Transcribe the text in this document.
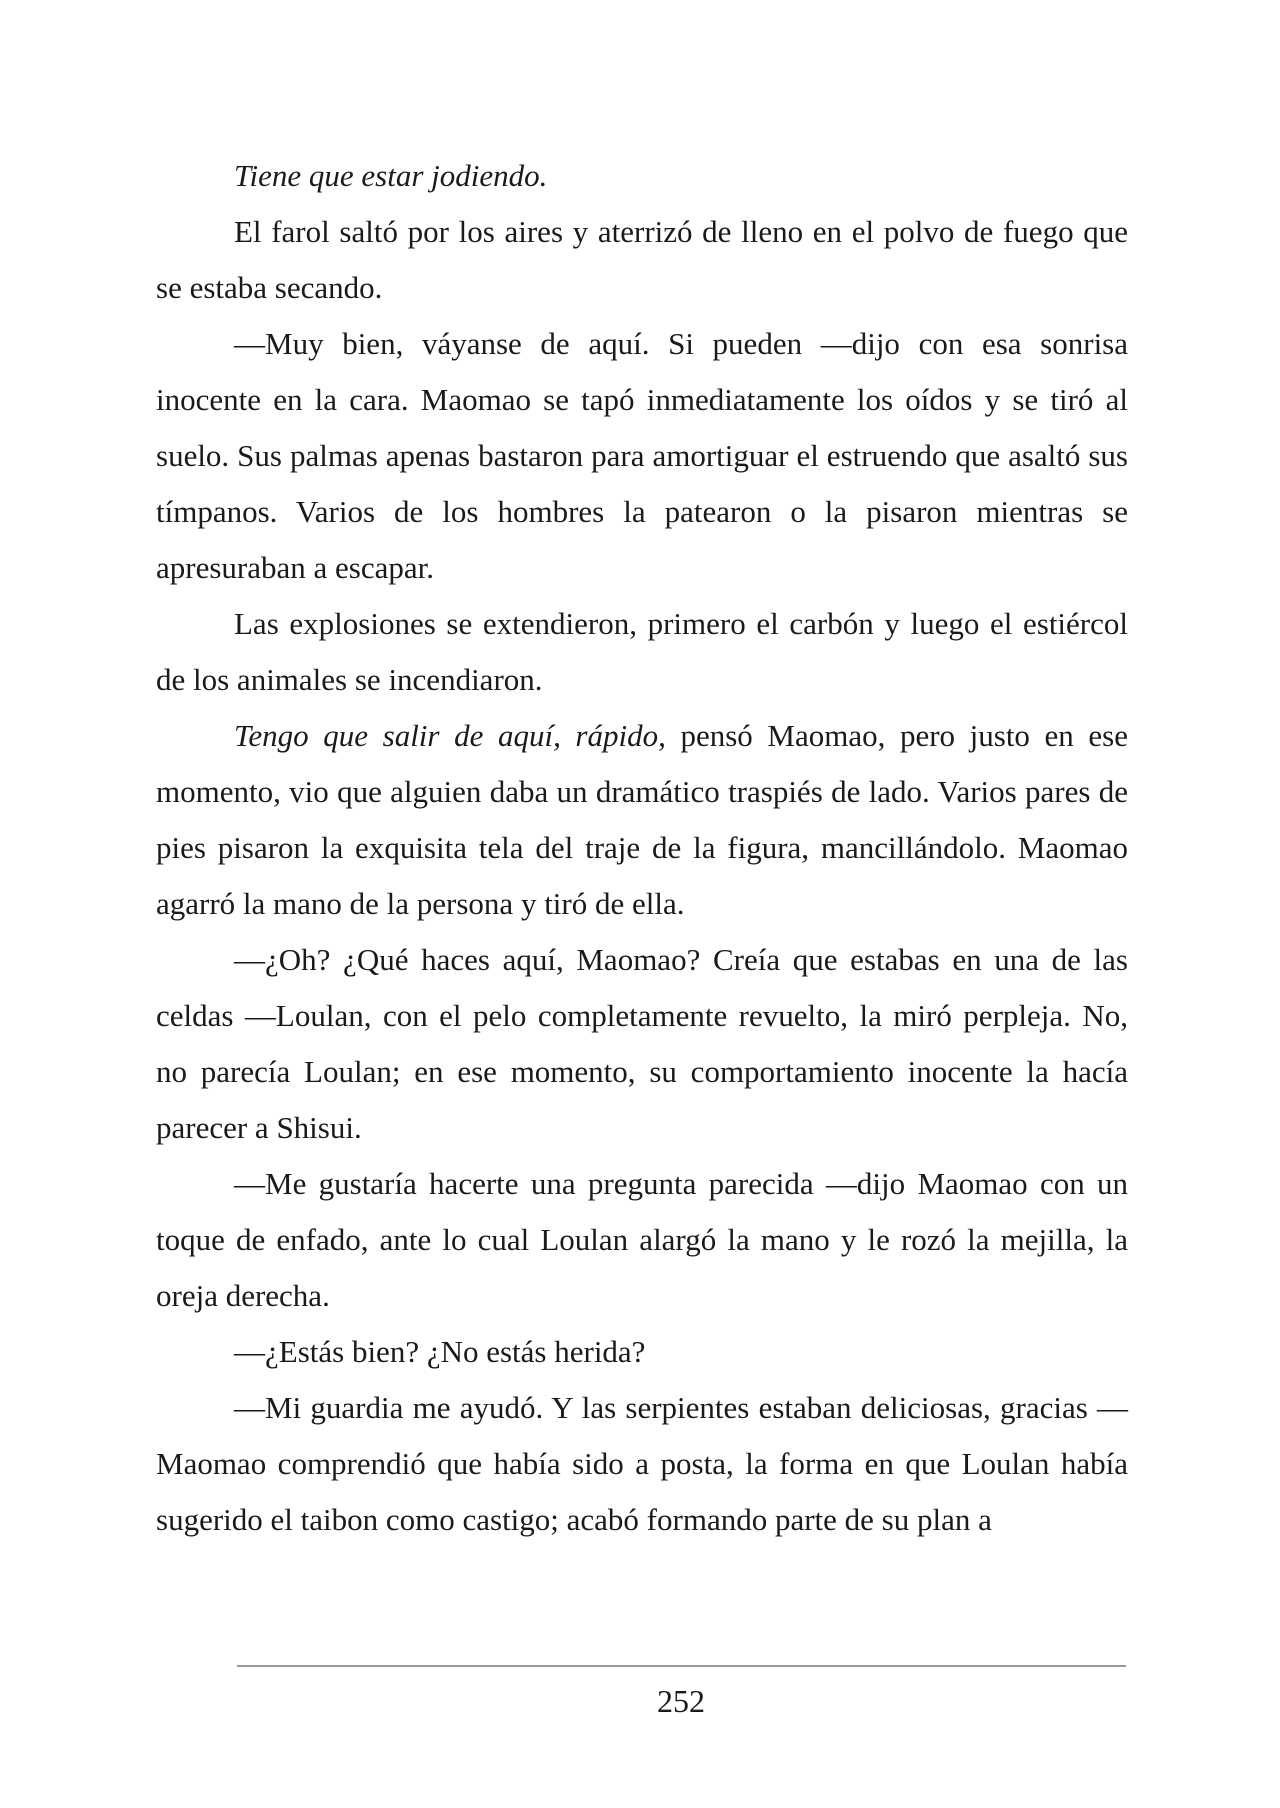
Tiene que estar jodiendo.

El farol saltó por los aires y aterrizó de lleno en el polvo de fuego que se estaba secando.

—Muy bien, váyanse de aquí. Si pueden —dijo con esa sonrisa inocente en la cara. Maomao se tapó inmediatamente los oídos y se tiró al suelo. Sus palmas apenas bastaron para amortiguar el estruendo que asaltó sus tímpanos. Varios de los hombres la patearon o la pisaron mientras se apresuraban a escapar.

Las explosiones se extendieron, primero el carbón y luego el estiércol de los animales se incendiaron.

Tengo que salir de aquí, rápido, pensó Maomao, pero justo en ese momento, vio que alguien daba un dramático traspiés de lado. Varios pares de pies pisaron la exquisita tela del traje de la figura, mancillándolo. Maomao agarró la mano de la persona y tiró de ella.

—¿Oh? ¿Qué haces aquí, Maomao? Creía que estabas en una de las celdas —Loulan, con el pelo completamente revuelto, la miró perpleja. No, no parecía Loulan; en ese momento, su comportamiento inocente la hacía parecer a Shisui.

—Me gustaría hacerte una pregunta parecida —dijo Maomao con un toque de enfado, ante lo cual Loulan alargó la mano y le rozó la mejilla, la oreja derecha.

—¿Estás bien? ¿No estás herida?

—Mi guardia me ayudó. Y las serpientes estaban deliciosas, gracias —Maomao comprendió que había sido a posta, la forma en que Loulan había sugerido el taibon como castigo; acabó formando parte de su plan a

252
